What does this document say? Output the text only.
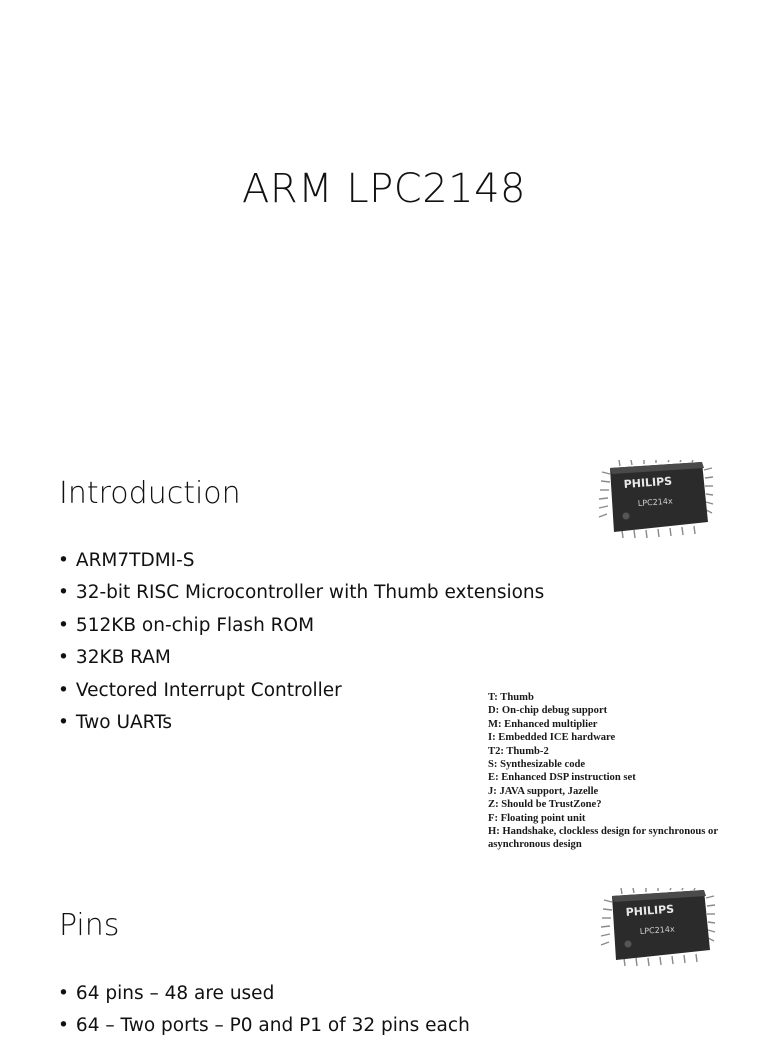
ARM LPC2148
Introduction	PHILIPS
LPC214x
• ARM7TDMI-S
• 32-bit RISC Microcontroller with Thumb extensions
• 512KB on-chip Flash ROM
• 32KB RAM
• Vectored Interrupt Controller
• Two UARTs
T: Thumb
D: On-chip debug support
M: Enhanced multiplier
I: Embedded ICE hardware
T2: Thumb-2
S: Synthesizable code
E: Enhanced DSP instruction set
J: JAVA support, Jazelle
Z: Should be TrustZone?
F: Floating point unit
H: Handshake, clockless design for synchronous or
asynchronous design
Pins	PHILIPS
LPC214x
• 64 pins – 48 are used
• 64 – Two ports – P0 and P1 of 32 pins each
